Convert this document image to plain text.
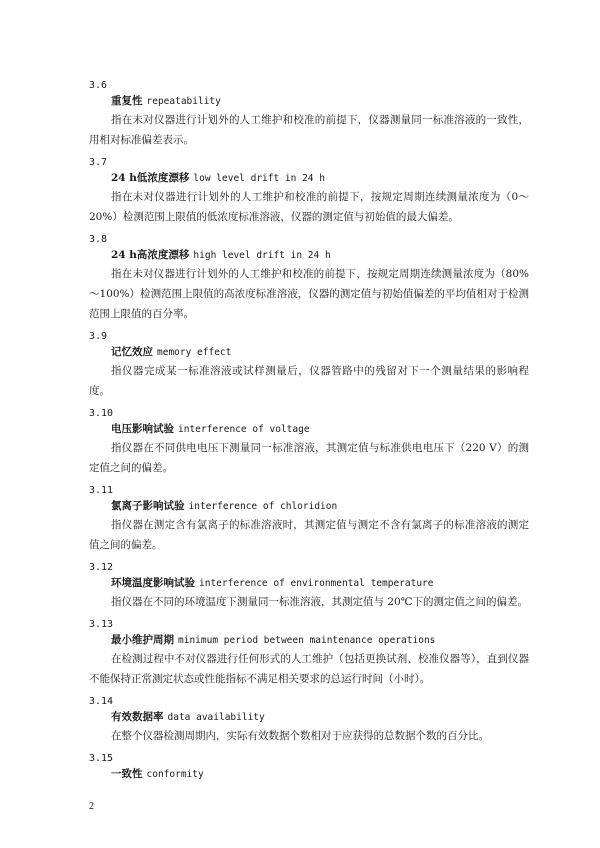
3.6
重复性 repeatability
指在未对仪器进行计划外的人工维护和校准的前提下，仪器测量同一标准溶液的一致性，用相对标准偏差表示。
3.7
24 h低浓度漂移 low level drift in 24 h
指在未对仪器进行计划外的人工维护和校准的前提下，按规定周期连续测量浓度为（0～20%）检测范围上限值的低浓度标准溶液，仪器的测定值与初始值的最大偏差。
3.8
24 h高浓度漂移 high level drift in 24 h
指在未对仪器进行计划外的人工维护和校准的前提下，按规定周期连续测量浓度为（80%～100%）检测范围上限值的高浓度标准溶液，仪器的测定值与初始值偏差的平均值相对于检测范围上限值的百分率。
3.9
记忆效应 memory effect
指仪器完成某一标准溶液或试样测量后，仪器管路中的残留对下一个测量结果的影响程度。
3.10
电压影响试验 interference of voltage
指仪器在不同供电电压下测量同一标准溶液，其测定值与标准供电电压下（220 V）的测定值之间的偏差。
3.11
氯离子影响试验 interference of chloridion
指仪器在测定含有氯离子的标准溶液时，其测定值与测定不含有氯离子的标准溶液的测定值之间的偏差。
3.12
环境温度影响试验 interference of environmental temperature
指仪器在不同的环境温度下测量同一标准溶液，其测定值与 20℃下的测定值之间的偏差。
3.13
最小维护周期 minimum period between maintenance operations
在检测过程中不对仪器进行任何形式的人工维护（包括更换试剂、校准仪器等），直到仪器不能保持正常测定状态或性能指标不满足相关要求的总运行时间（小时）。
3.14
有效数据率 data availability
在整个仪器检测周期内，实际有效数据个数相对于应获得的总数据个数的百分比。
3.15
一致性 conformity
2
